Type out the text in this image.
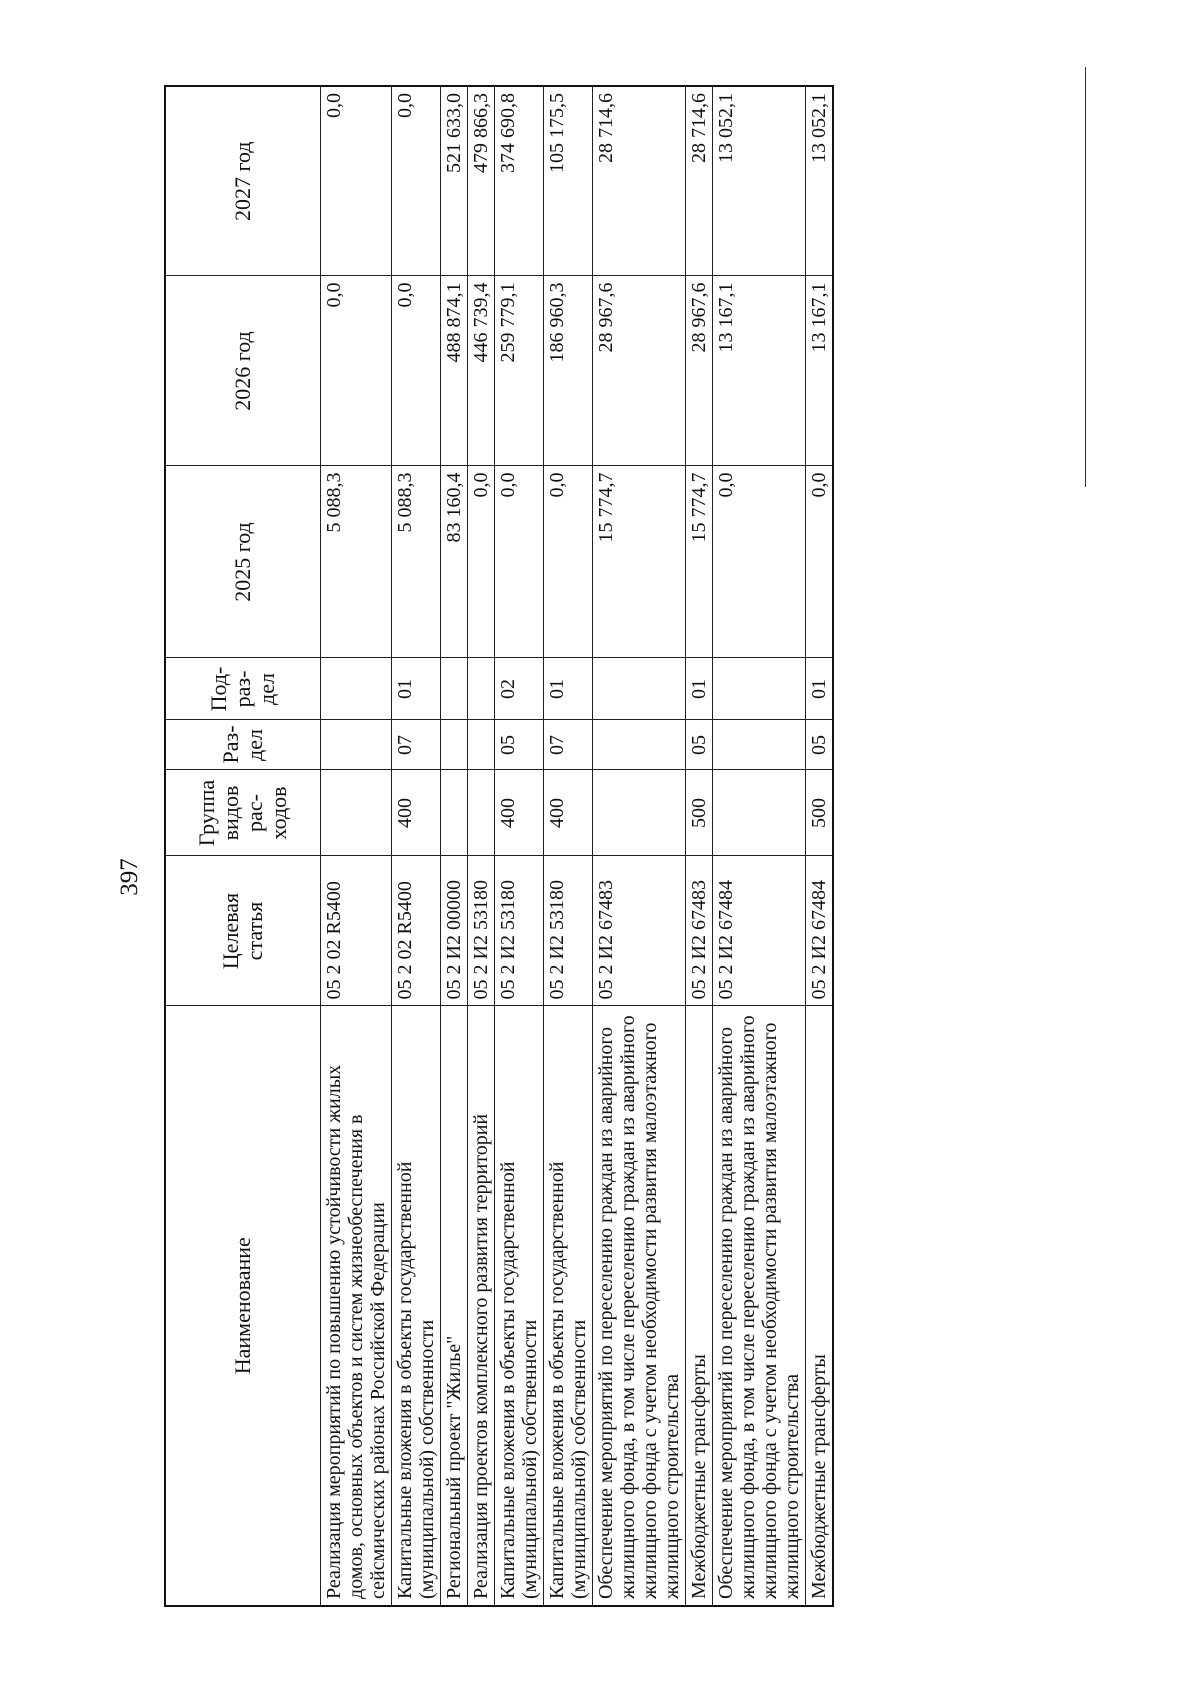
397
Наименование	Целевая статья	Группа видов рас- ходов	Раз- дел	Под- раз- дел	2025 год	2026 год	2027 год
Реализация мероприятий по повышению устойчивости жилых домов, основных объектов и систем жизнеобеспечения в сейсмических районах Российской Федерации	05 2 02 R5400				5 088,3	0,0	0,0
Капитальные вложения в объекты государственной (муниципальной) собственности	05 2 02 R5400	400	07	01	5 088,3	0,0	0,0
Региональный проект "Жилье"	05 2 И2 00000				83 160,4	488 874,1	521 633,0
Реализация проектов комплексного развития территорий	05 2 И2 53180				0,0	446 739,4	479 866,3
Капитальные вложения в объекты государственной (муниципальной) собственности	05 2 И2 53180	400	05	02	0,0	259 779,1	374 690,8
Капитальные вложения в объекты государственной (муниципальной) собственности	05 2 И2 53180	400	07	01	0,0	186 960,3	105 175,5
Обеспечение мероприятий по переселению граждан из аварийного жилищного фонда, в том числе переселению граждан из аварийного жилищного фонда с учетом необходимости развития малоэтажного жилищного строительства	05 2 И2 67483				15 774,7	28 967,6	28 714,6
Межбюджетные трансферты	05 2 И2 67483	500	05	01	15 774,7	28 967,6	28 714,6
Обеспечение мероприятий по переселению граждан из аварийного жилищного фонда, в том числе переселению граждан из аварийного жилищного фонда с учетом необходимости развития малоэтажного жилищного строительства	05 2 И2 67484				0,0	13 167,1	13 052,1
Межбюджетные трансферты	05 2 И2 67484	500	05	01	0,0	13 167,1	13 052,1
